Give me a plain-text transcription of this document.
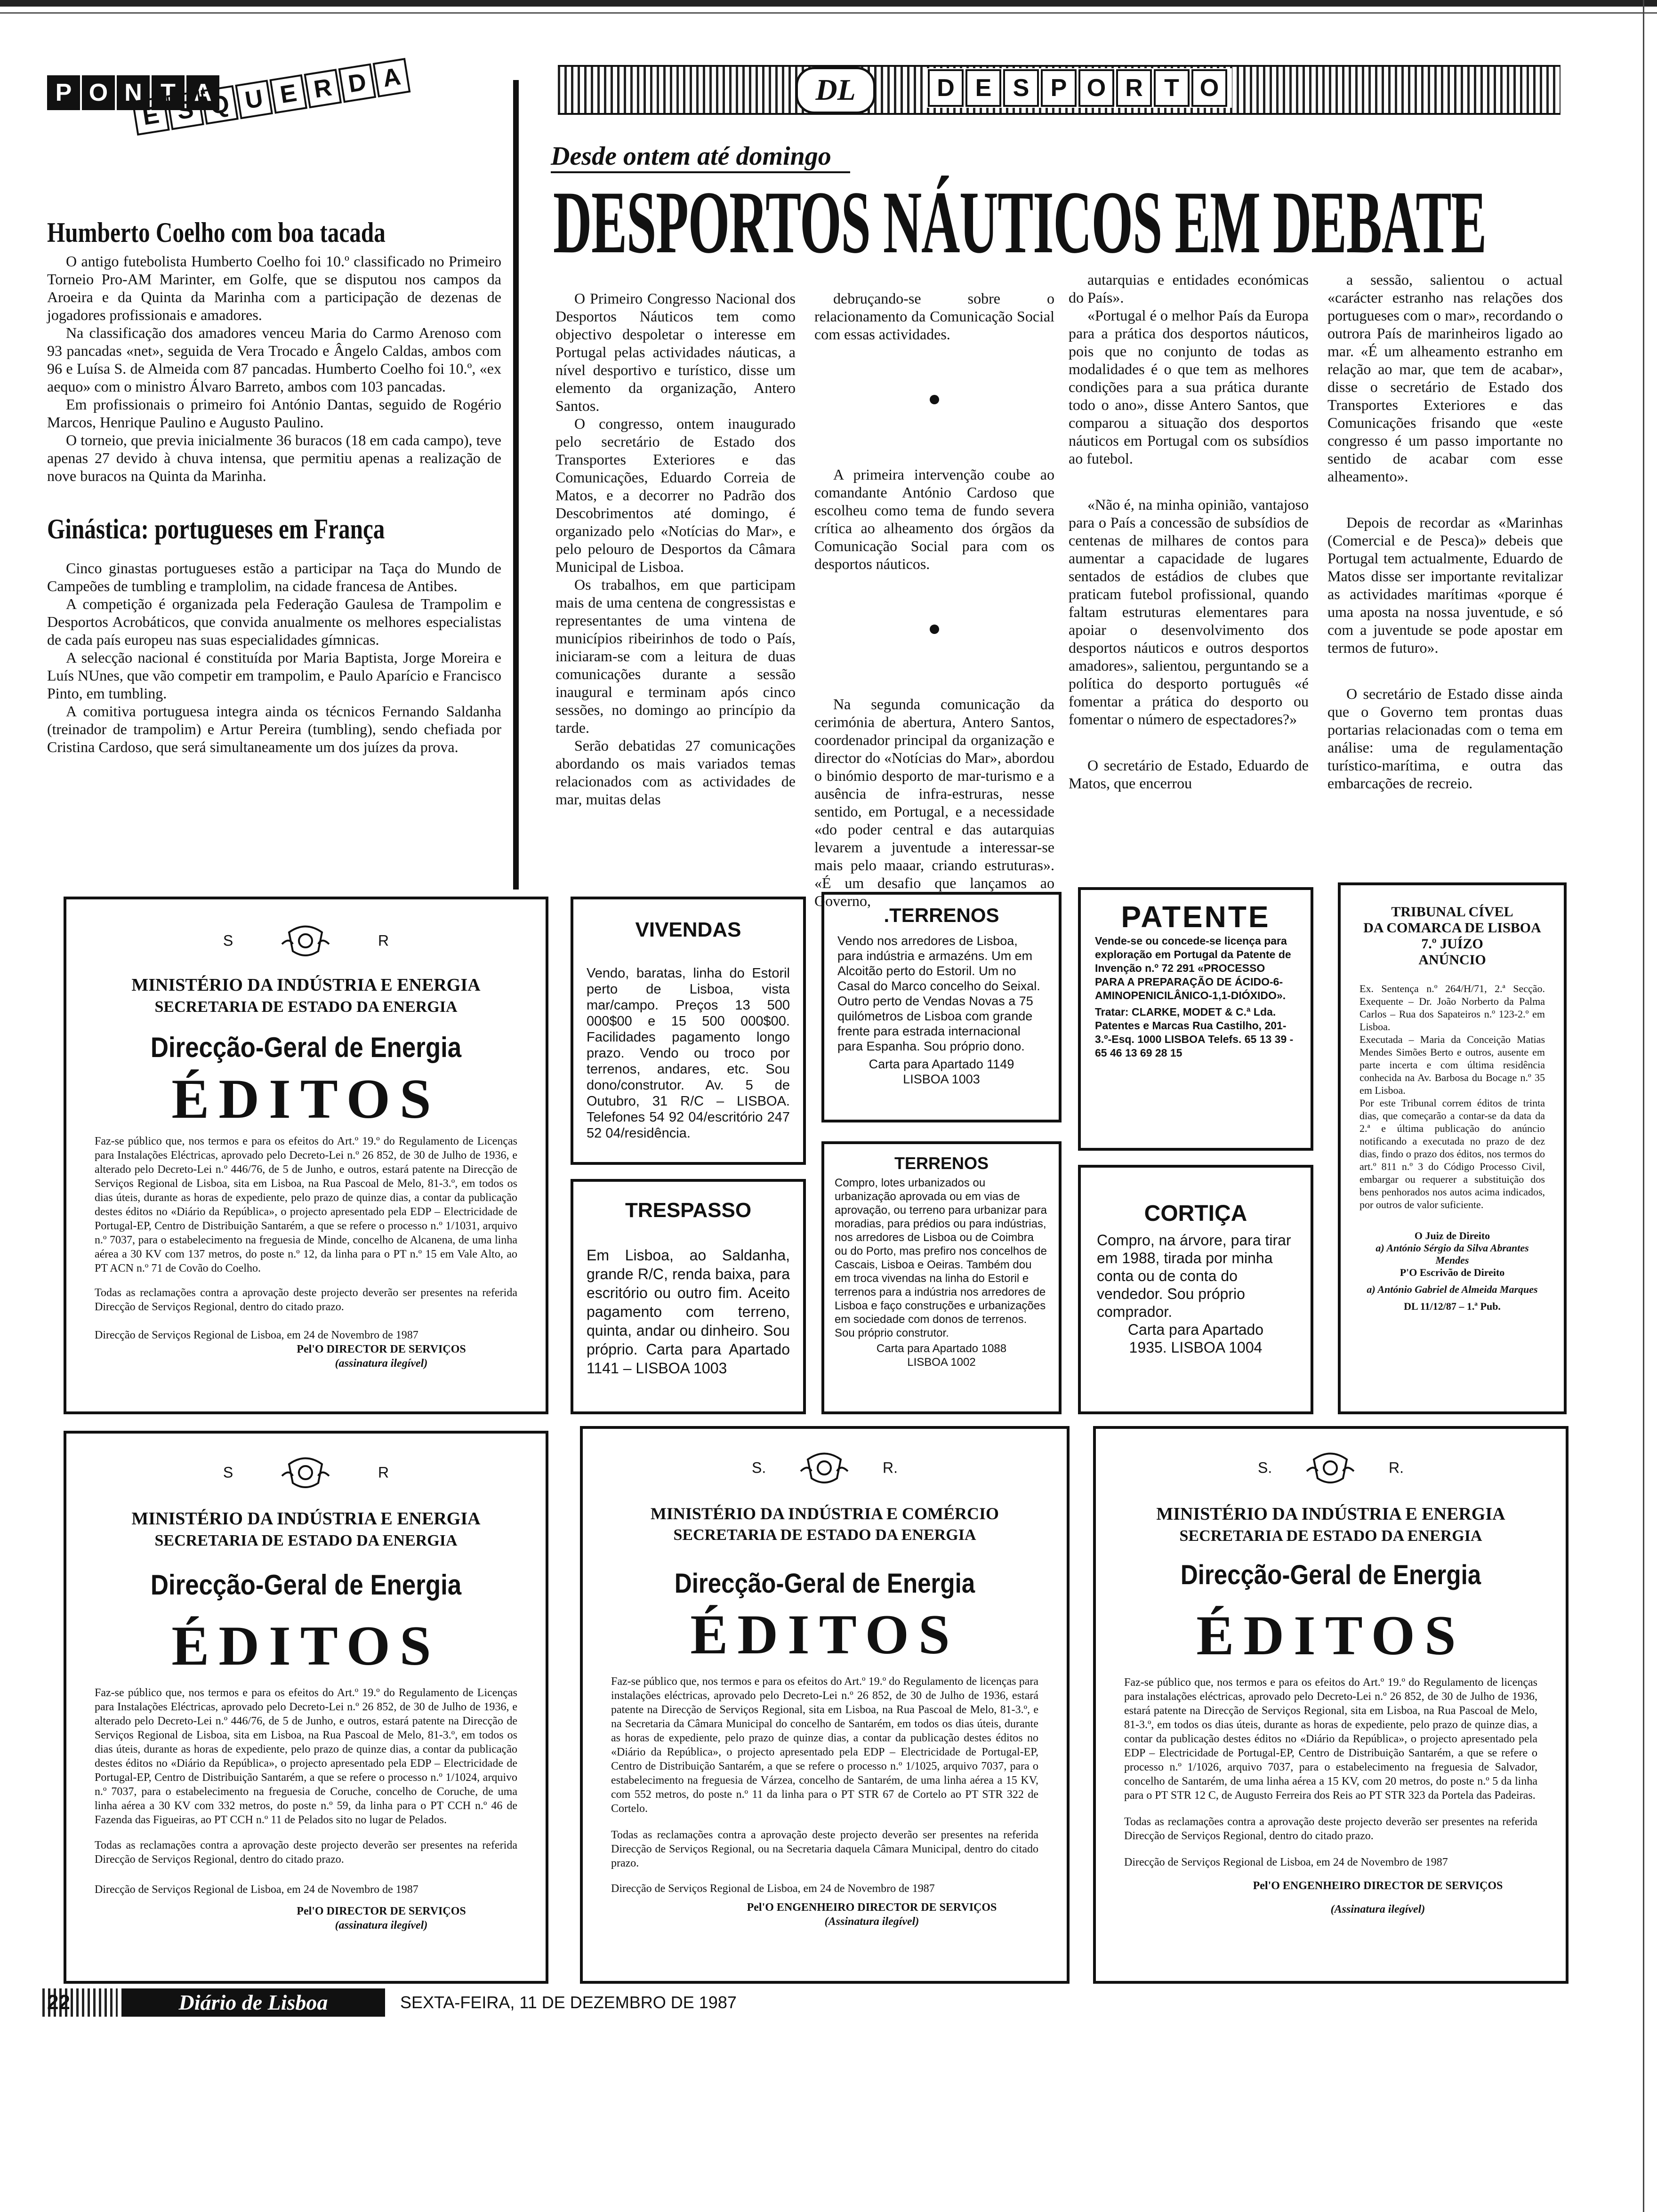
P O N T A
E S Q U E R D A	DL	D E S P O R T O
Humberto Coelho com boa tacada

O antigo futebolista Humberto Coelho foi 10.º classificado no Primeiro Torneio Pro-AM Marinter, em Golfe, que se disputou nos campos da Aroeira e da Quinta da Marinha com a participação de dezenas de jogadores profissionais e amadores.

Na classificação dos amadores venceu Maria do Carmo Arenoso com 93 pancadas «net», seguida de Vera Trocado e Ângelo Caldas, ambos com 96 e Luísa S. de Almeida com 87 pancadas. Humberto Coelho foi 10.º, «ex aequo» com o ministro Álvaro Barreto, ambos com 103 pancadas.

Em profissionais o primeiro foi António Dantas, seguido de Rogério Marcos, Henrique Paulino e Augusto Paulino.

O torneio, que previa inicialmente 36 buracos (18 em cada campo), teve apenas 27 devido à chuva intensa, que permitiu apenas a realização de nove buracos na Quinta da Marinha.

Ginástica: portugueses em França

Cinco ginastas portugueses estão a participar na Taça do Mundo de Campeões de tumbling e tramplolim, na cidade francesa de Antibes.

A competição é organizada pela Federação Gaulesa de Trampolim e Desportos Acrobáticos, que convida anualmente os melhores especialistas de cada país europeu nas suas especialidades gímnicas.

A selecção nacional é constituída por Maria Baptista, Jorge Moreira e Luís NUnes, que vão competir em trampolim, e Paulo Aparício e Francisco Pinto, em tumbling.

A comitiva portuguesa integra ainda os técnicos Fernando Saldanha (treinador de trampolim) e Artur Pereira (tumbling), sendo chefiada por Cristina Cardoso, que será simultaneamente um dos juízes da prova.

Desde ontem até domingo
DESPORTOS NÁUTICOS EM DEBATE

O Primeiro Congresso Nacional dos Desportos Náuticos tem como objectivo despoletar o interesse em Portugal pelas actividades náuticas, a nível desportivo e turístico, disse um elemento da organização, Antero Santos.

O congresso, ontem inaugurado pelo secretário de Estado dos Transportes Exteriores e das Comunicações, Eduardo Correia de Matos, e a decorrer no Padrão dos Descobrimentos até domingo, é organizado pelo «Notícias do Mar», e pelo pelouro de Desportos da Câmara Municipal de Lisboa.

Os trabalhos, em que participam mais de uma centena de congressistas e representantes de uma vintena de municípios ribeirinhos de todo o País, iniciaram-se com a leitura de duas comunicações durante a sessão inaugural e terminam após cinco sessões, no domingo ao princípio da tarde.

Serão debatidas 27 comunicações abordando os mais variados temas relacionados com as actividades de mar, muitas delas

debruçando-se sobre o relacionamento da Comunicação Social com essas actividades.

A primeira intervenção coube ao comandante António Cardoso que escolheu como tema de fundo severa crítica ao alheamento dos órgãos da Comunicação Social para com os desportos náuticos.

Na segunda comunicação da cerimónia de abertura, Antero Santos, coordenador principal da organização e director do «Notícias do Mar», abordou o binómio desporto de mar-turismo e a ausência de infra-estruras, nesse sentido, em Portugal, e a necessidade «do poder central e das autarquias levarem a juventude a interessar-se mais pelo maaar, criando estruturas». «É um desafio que lançamos ao Governo,

autarquias e entidades económicas do País».

«Portugal é o melhor País da Europa para a prática dos desportos náuticos, pois que no conjunto de todas as modalidades é o que tem as melhores condições para a sua prática durante todo o ano», disse Antero Santos, que comparou a situação dos desportos náuticos em Portugal com os subsídios ao futebol.

«Não é, na minha opinião, vantajoso para o País a concessão de subsídios de centenas de milhares de contos para aumentar a capacidade de lugares sentados de estádios de clubes que praticam futebol profissional, quando faltam estruturas elementares para apoiar o desenvolvimento dos desportos náuticos e outros desportos amadores», salientou, perguntando se a política do desporto português «é fomentar a prática do desporto ou fomentar o número de espectadores?»

O secretário de Estado, Eduardo de Matos, que encerrou

a sessão, salientou o actual «carácter estranho nas relações dos portugueses com o mar», recordando o outrora País de marinheiros ligado ao mar. «É um alheamento estranho em relação ao mar, que tem de acabar», disse o secretário de Estado dos Transportes Exteriores e das Comunicações frisando que «este congresso é um passo importante no sentido de acabar com esse alheamento».

Depois de recordar as «Marinhas (Comercial e de Pesca)» debeis que Portugal tem actualmente, Eduardo de Matos disse ser importante revitalizar as actividades marítimas «porque é uma aposta na nossa juventude, e só com a juventude se pode apostar em termos de futuro».

O secretário de Estado disse ainda que o Governo tem prontas duas portarias relacionadas com o tema em análise: uma de regulamentação turístico-marítima, e outra das embarcações de recreio.

S	R
MINISTÉRIO DA INDÚSTRIA E ENERGIA
SECRETARIA DE ESTADO DA ENERGIA
Direcção-Geral de Energia
ÉDITOS
Faz-se público que, nos termos e para os efeitos do Art.º 19.º do Regulamento de Licenças para Instalações Eléctricas, aprovado pelo Decreto-Lei n.º 26 852, de 30 de Julho de 1936, e alterado pelo Decreto-Lei n.º 446/76, de 5 de Junho, e outros, estará patente na Direcção de Serviços Regional de Lisboa, sita em Lisboa, na Rua Pascoal de Melo, 81-3.º, em todos os dias úteis, durante as horas de expediente, pelo prazo de quinze dias, a contar da publicação destes éditos no «Diário da República», o projecto apresentado pela EDP – Electricidade de Portugal-EP, Centro de Distribuição Santarém, a que se refere o processo n.º 1/1031, arquivo n.º 7037, para o estabelecimento na freguesia de Minde, concelho de Alcanena, de uma linha aérea a 30 KV com 137 metros, do poste n.º 12, da linha para o PT n.º 15 em Vale Alto, ao PT ACN n.º 71 de Covão do Coelho.
Todas as reclamações contra a aprovação deste projecto deverão ser presentes na referida Direcção de Serviços Regional, dentro do citado prazo.
Direcção de Serviços Regional de Lisboa, em 24 de Novembro de 1987
Pel'O DIRECTOR DE SERVIÇOS
(assinatura ilegível)
VIVENDAS
Vendo, baratas, linha do Estoril perto de Lisboa, vista mar/campo. Preços 13 500 000$00 e 15 500 000$00. Facilidades pagamento longo prazo. Vendo ou troco por terrenos, andares, etc. Sou dono/construtor. Av. 5 de Outubro, 31 R/C – LISBOA. Telefones 54 92 04/escritório 247 52 04/residência.
TRESPASSO
Em Lisboa, ao Saldanha, grande R/C, renda baixa, para escritório ou outro fim. Aceito pagamento com terreno, quinta, andar ou dinheiro. Sou próprio. Carta para Apartado 1141 – LISBOA 1003
.TERRENOS
Vendo nos arredores de Lisboa, para indústria e armazéns. Um em Alcoitão perto do Estoril. Um no Casal do Marco concelho do Seixal. Outro perto de Vendas Novas a 75 quilómetros de Lisboa com grande frente para estrada internacional para Espanha. Sou próprio dono.
Carta para Apartado 1149 LISBOA 1003
TERRENOS
Compro, lotes urbanizados ou urbanização aprovada ou em vias de aprovação, ou terreno para urbanizar para moradias, para prédios ou para indústrias, nos arredores de Lisboa ou de Coimbra ou do Porto, mas prefiro nos concelhos de Cascais, Lisboa e Oeiras. Também dou em troca vivendas na linha do Estoril e terrenos para a indústria nos arredores de Lisboa e faço construções e urbanizações em sociedade com donos de terrenos. Sou próprio construtor.
Carta para Apartado 1088 LISBOA 1002
PATENTE
Vende-se ou concede-se licença para exploração em Portugal da Patente de Invenção n.º 72 291 «PROCESSO PARA A PREPARAÇÃO DE ÁCIDO-6-AMINOPENICILÂNICO-1,1-DIÓXIDO».
Tratar: CLARKE, MODET & C.ª Lda. Patentes e Marcas Rua Castilho, 201-3.º-Esq. 1000 LISBOA Telefs. 65 13 39 - 65 46 13 69 28 15
CORTIÇA
Compro, na árvore, para tirar em 1988, tirada por minha conta ou de conta do vendedor. Sou próprio comprador.
Carta para Apartado 1935. LISBOA 1004
TRIBUNAL CÍVEL
DA COMARCA DE LISBOA
7.º JUÍZO
ANÚNCIO
Ex. Sentença n.º 264/H/71, 2.ª Secção. Exequente – Dr. João Norberto da Palma Carlos – Rua dos Sapateiros n.º 123-2.º em Lisboa.
Executada – Maria da Conceição Matias Mendes Simões Berto e outros, ausente em parte incerta e com última residência conhecida na Av. Barbosa du Bocage n.º 35 em Lisboa.
Por este Tribunal correm éditos de trinta dias, que começarão a contar-se da data da 2.ª e última publicação do anúncio notificando a executada no prazo de dez dias, findo o prazo dos éditos, nos termos do art.º 811 n.º 3 do Código Processo Civil, embargar ou requerer a substituição dos bens penhorados nos autos acima indicados, por outros de valor suficiente.
O Juiz de Direito
a) António Sérgio da Silva Abrantes Mendes
P'O Escrivão de Direito
a) António Gabriel de Almeida Marques
DL 11/12/87 – 1.ª Pub.
S	R
MINISTÉRIO DA INDÚSTRIA E ENERGIA
SECRETARIA DE ESTADO DA ENERGIA
Direcção-Geral de Energia
ÉDITOS
Faz-se público que, nos termos e para os efeitos do Art.º 19.º do Regulamento de Licenças para Instalações Eléctricas, aprovado pelo Decreto-Lei n.º 26 852, de 30 de Julho de 1936, e alterado pelo Decreto-Lei n.º 446/76, de 5 de Junho, e outros, estará patente na Direcção de Serviços Regional de Lisboa, sita em Lisboa, na Rua Pascoal de Melo, 81-3.º, em todos os dias úteis, durante as horas de expediente, pelo prazo de quinze dias, a contar da publicação destes éditos no «Diário da República», o projecto apresentado pela EDP – Electricidade de Portugal-EP, Centro de Distribuição Santarém, a que se refere o processo n.º 1/1024, arquivo n.º 7037, para o estabelecimento na freguesia de Coruche, concelho de Coruche, de uma linha aérea a 30 KV com 332 metros, do poste n.º 59, da linha para o PT CCH n.º 46 de Fazenda das Figueiras, ao PT CCH n.º 11 de Pelados sito no lugar de Pelados.
Todas as reclamações contra a aprovação deste projecto deverão ser presentes na referida Direcção de Serviços Regional, dentro do citado prazo.
Direcção de Serviços Regional de Lisboa, em 24 de Novembro de 1987
Pel'O DIRECTOR DE SERVIÇOS
(assinatura ilegível)
S.	R.
MINISTÉRIO DA INDÚSTRIA E COMÉRCIO
SECRETARIA DE ESTADO DA ENERGIA
Direcção-Geral de Energia
ÉDITOS
Faz-se público que, nos termos e para os efeitos do Art.º 19.º do Regulamento de licenças para instalações eléctricas, aprovado pelo Decreto-Lei n.º 26 852, de 30 de Julho de 1936, estará patente na Direcção de Serviços Regional, sita em Lisboa, na Rua Pascoal de Melo, 81-3.º, e na Secretaria da Câmara Municipal do concelho de Santarém, em todos os dias úteis, durante as horas de expediente, pelo prazo de quinze dias, a contar da publicação destes éditos no «Diário da República», o projecto apresentado pela EDP – Electricidade de Portugal-EP, Centro de Distribuição Santarém, a que se refere o processo n.º 1/1025, arquivo 7037, para o estabelecimento na freguesia de Várzea, concelho de Santarém, de uma linha aérea a 15 KV, com 552 metros, do poste n.º 11 da linha para o PT STR 67 de Cortelo ao PT STR 322 de Cortelo.
Todas as reclamações contra a aprovação deste projecto deverão ser presentes na referida Direcção de Serviços Regional, ou na Secretaria daquela Câmara Municipal, dentro do citado prazo.
Direcção de Serviços Regional de Lisboa, em 24 de Novembro de 1987
Pel'O ENGENHEIRO DIRECTOR DE SERVIÇOS
(Assinatura ilegível)
S.	R.
MINISTÉRIO DA INDÚSTRIA E ENERGIA
SECRETARIA DE ESTADO DA ENERGIA
Direcção-Geral de Energia
ÉDITOS
Faz-se público que, nos termos e para os efeitos do Art.º 19.º do Regulamento de licenças para instalações eléctricas, aprovado pelo Decreto-Lei n.º 26 852, de 30 de Julho de 1936, estará patente na Direcção de Serviços Regional, sita em Lisboa, na Rua Pascoal de Melo, 81-3.º, em todos os dias úteis, durante as horas de expediente, pelo prazo de quinze dias, a contar da publicação destes éditos no «Diário da República», o projecto apresentado pela EDP – Electricidade de Portugal-EP, Centro de Distribuição Santarém, a que se refere o processo n.º 1/1026, arquivo 7037, para o estabelecimento na freguesia de Salvador, concelho de Santarém, de uma linha aérea a 15 KV, com 20 metros, do poste n.º 5 da linha para o PT STR 12 C, de Augusto Ferreira dos Reis ao PT STR 323 da Portela das Padeiras.
Todas as reclamações contra a aprovação deste projecto deverão ser presentes na referida Direcção de Serviços Regional, dentro do citado prazo.
Direcção de Serviços Regional de Lisboa, em 24 de Novembro de 1987
Pel'O ENGENHEIRO DIRECTOR DE SERVIÇOS
(Assinatura ilegível)
22	Diário de Lisboa	SEXTA-FEIRA, 11 DE DEZEMBRO DE 1987
